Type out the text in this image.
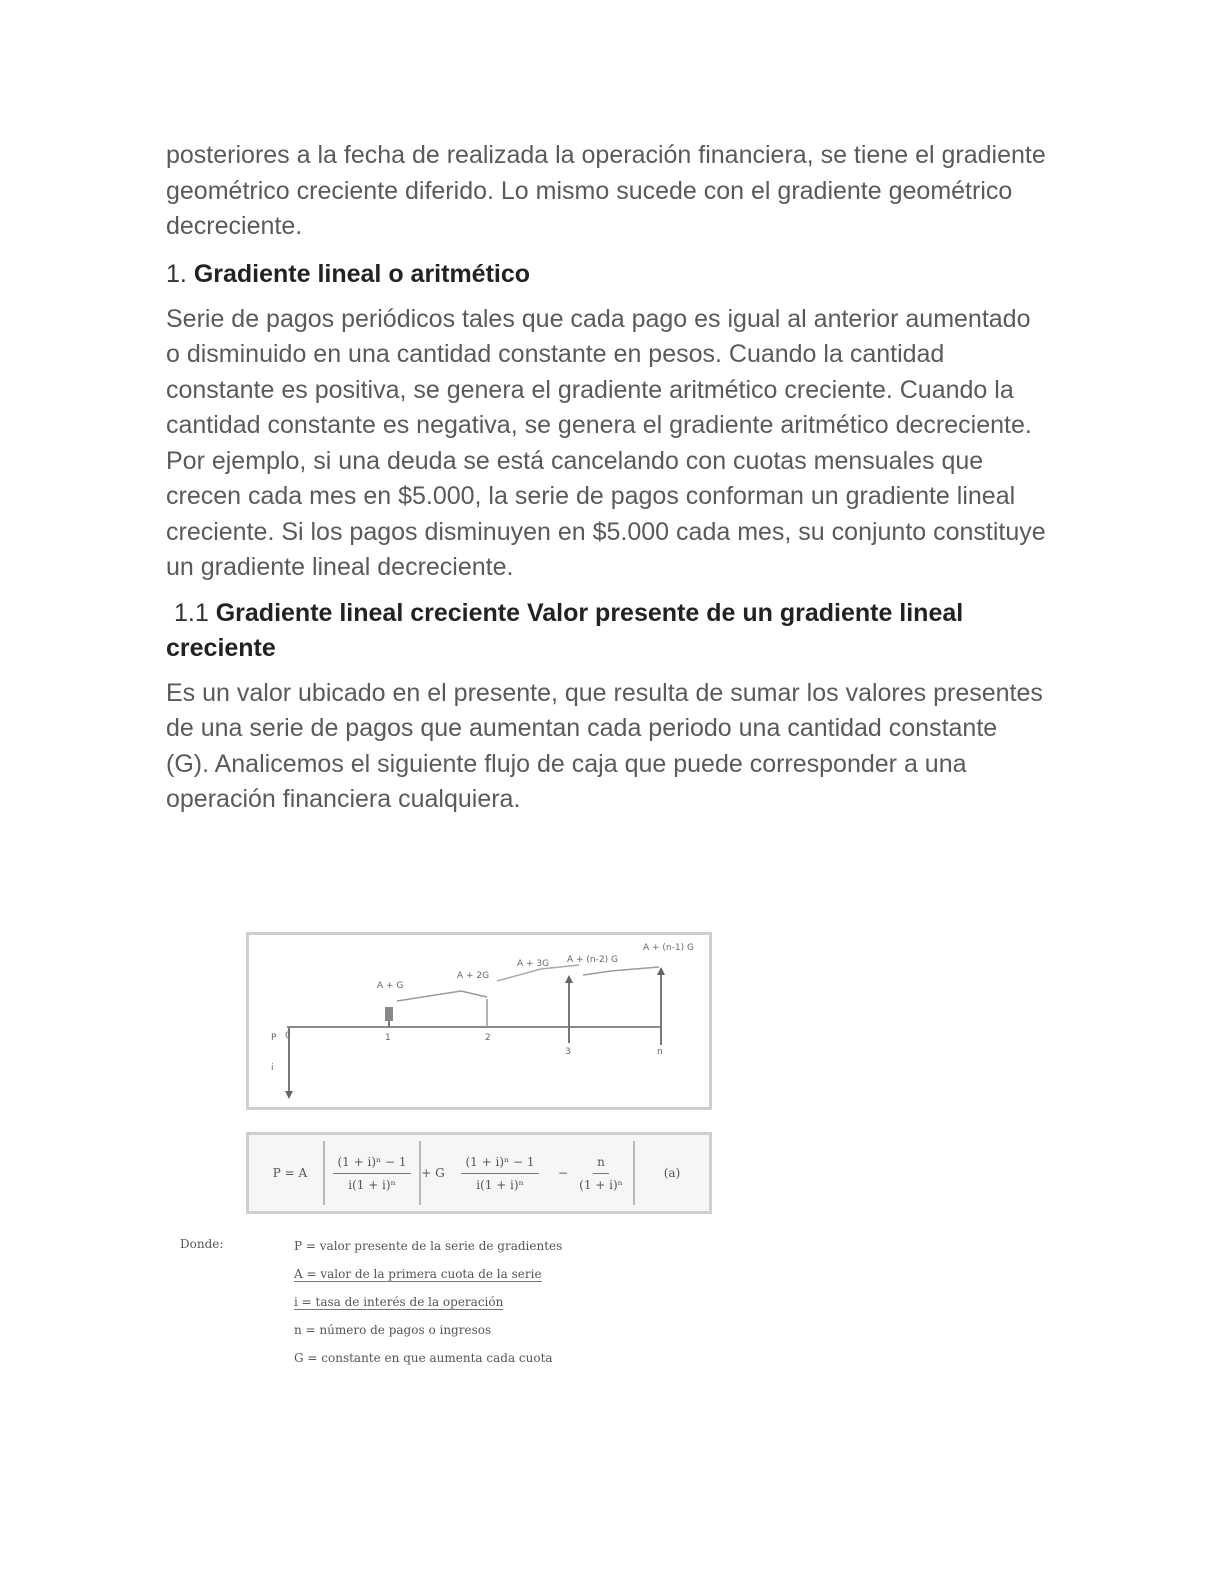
posteriores a la fecha de realizada la operación financiera, se tiene el gradiente geométrico creciente diferido. Lo mismo sucede con el gradiente geométrico decreciente.

1. Gradiente lineal o aritmético

Serie de pagos periódicos tales que cada pago es igual al anterior aumentado o disminuido en una cantidad constante en pesos. Cuando la cantidad constante es positiva, se genera el gradiente aritmético creciente. Cuando la cantidad constante es negativa, se genera el gradiente aritmético decreciente. Por ejemplo, si una deuda se está cancelando con cuotas mensuales que crecen cada mes en $5.000, la serie de pagos conforman un gradiente lineal creciente. Si los pagos disminuyen en $5.000 cada mes, su conjunto constituye un gradiente lineal decreciente.

1.1 Gradiente lineal creciente Valor presente de un gradiente lineal creciente

Es un valor ubicado en el presente, que resulta de sumar los valores presentes de una serie de pagos que aumentan cada periodo una cantidad constante (G). Analicemos el siguiente flujo de caja que puede corresponder a una operación financiera cualquiera.

A + (n-1) G
A + G
A + 2G
A + 3G A + (n-2) G
P
i
0	1	2
3	n
P = A	$\frac{\text{(1 + i)ⁿ − 1}}{\text{i(1 + i)ⁿ}}$ +
G $\frac{\text{(1 + i)ⁿ − 1}}{\text{i(1 + i)ⁿ}} - \frac{n}{\text{(1 + i)ⁿ}}$	(a)
Donde:	P = valor presente de la serie de gradientes
A = valor de la primera cuota de la serie
i = tasa de interés de la operación
n = número de pagos o ingresos
G = constante en que aumenta cada cuota
